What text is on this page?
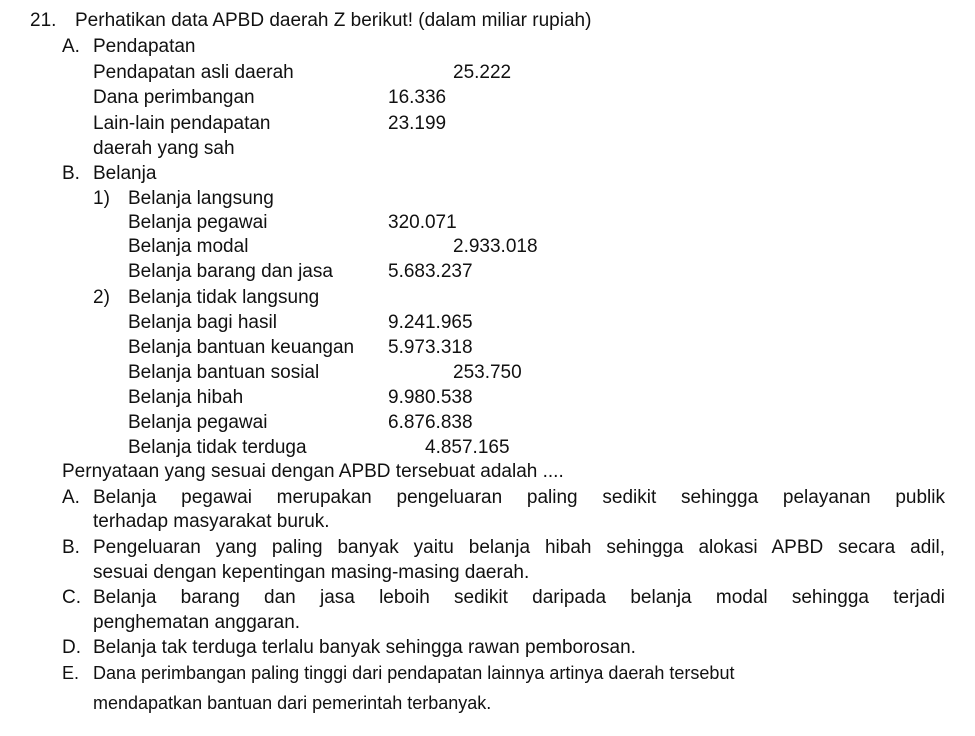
21. Perhatikan data APBD daerah Z berikut! (dalam miliar rupiah)
A. Pendapatan
Pendapatan asli daerah	25.222
Dana perimbangan	16.336
Lain-lain pendapatan	23.199
daerah yang sah
B. Belanja
1) Belanja langsung
Belanja pegawai	320.071
Belanja modal	2.933.018
Belanja barang dan jasa	5.683.237
2) Belanja tidak langsung
Belanja bagi hasil	9.241.965
Belanja bantuan keuangan 5.973.318
Belanja bantuan sosial	253.750
Belanja hibah	9.980.538
Belanja pegawai	6.876.838
Belanja tidak terduga	4.857.165
Pernyataan yang sesuai dengan APBD tersebuat adalah ....
A. Belanja pegawai merupakan pengeluaran paling sedikit sehingga pelayanan publik
terhadap masyarakat buruk.
B. Pengeluaran yang paling banyak yaitu belanja hibah sehingga alokasi APBD secara adil,
sesuai dengan kepentingan masing-masing daerah.
C. Belanja barang dan jasa leboih sedikit daripada belanja modal sehingga terjadi
penghematan anggaran.
D. Belanja tak terduga terlalu banyak sehingga rawan pemborosan.
E. Dana perimbangan paling tinggi dari pendapatan lainnya artinya daerah tersebut
mendapatkan bantuan dari pemerintah terbanyak.
